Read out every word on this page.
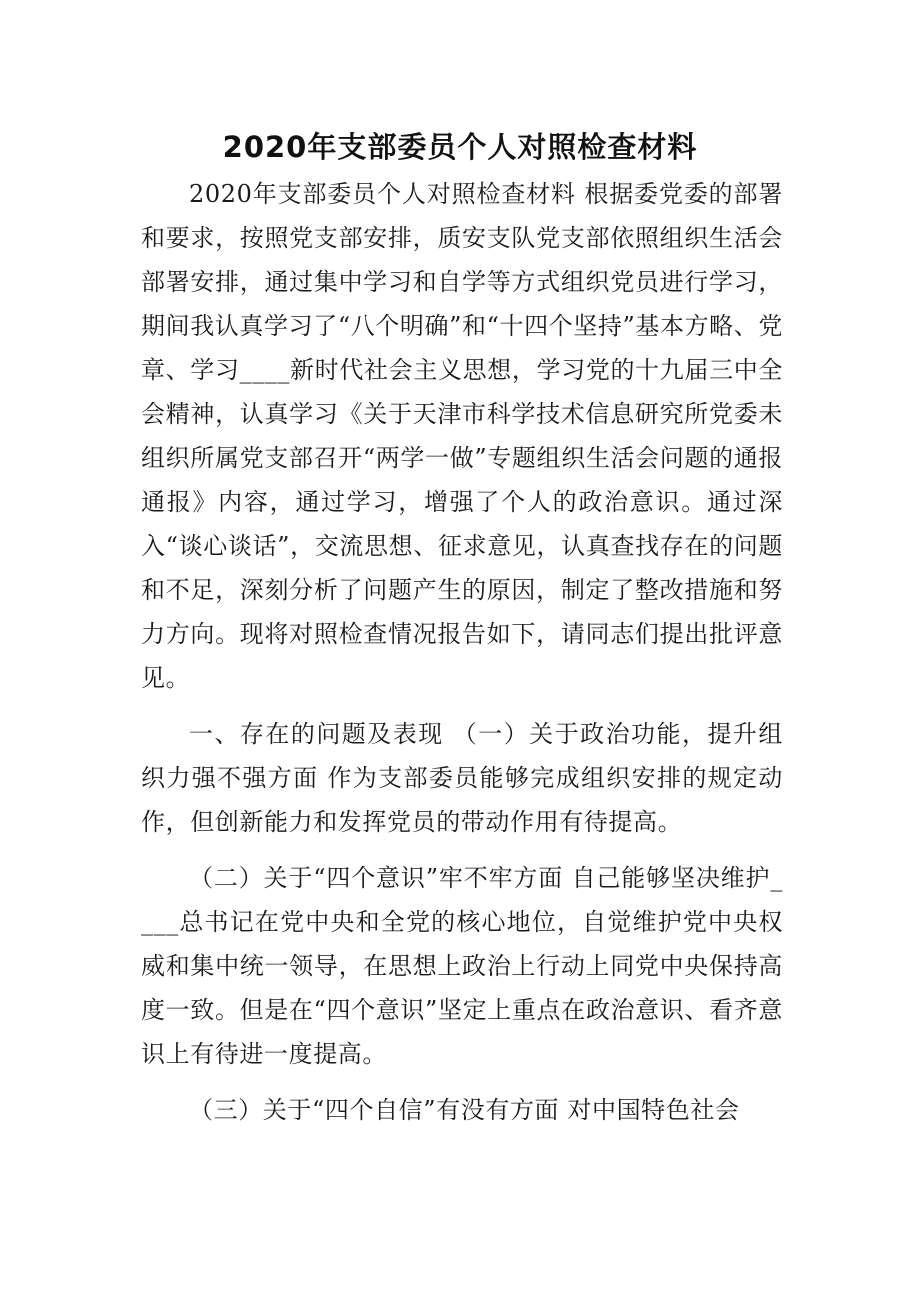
2020年支部委员个人对照检查材料

2020年支部委员个人对照检查材料 根据委党委的部署和要求，按照党支部安排，质安支队党支部依照组织生活会部署安排，通过集中学习和自学等方式组织党员进行学习，期间我认真学习了“八个明确”和“十四个坚持”基本方略、党章、学习____新时代社会主义思想，学习党的十九届三中全会精神，认真学习《关于天津市科学技术信息研究所党委未组织所属党支部召开“两学一做”专题组织生活会问题的通报通报》内容，通过学习，增强了个人的政治意识。通过深入“谈心谈话”，交流思想、征求意见，认真查找存在的问题和不足，深刻分析了问题产生的原因，制定了整改措施和努力方向。现将对照检查情况报告如下，请同志们提出批评意见。

一、存在的问题及表现 （一）关于政治功能，提升组织力强不强方面 作为支部委员能够完成组织安排的规定动作，但创新能力和发挥党员的带动作用有待提高。

（二）关于“四个意识”牢不牢方面 自己能够坚决维护____总书记在党中央和全党的核心地位，自觉维护党中央权威和集中统一领导，在思想上政治上行动上同党中央保持高度一致。但是在“四个意识”坚定上重点在政治意识、看齐意识上有待进一度提高。

（三）关于“四个自信”有没有方面 对中国特色社会
